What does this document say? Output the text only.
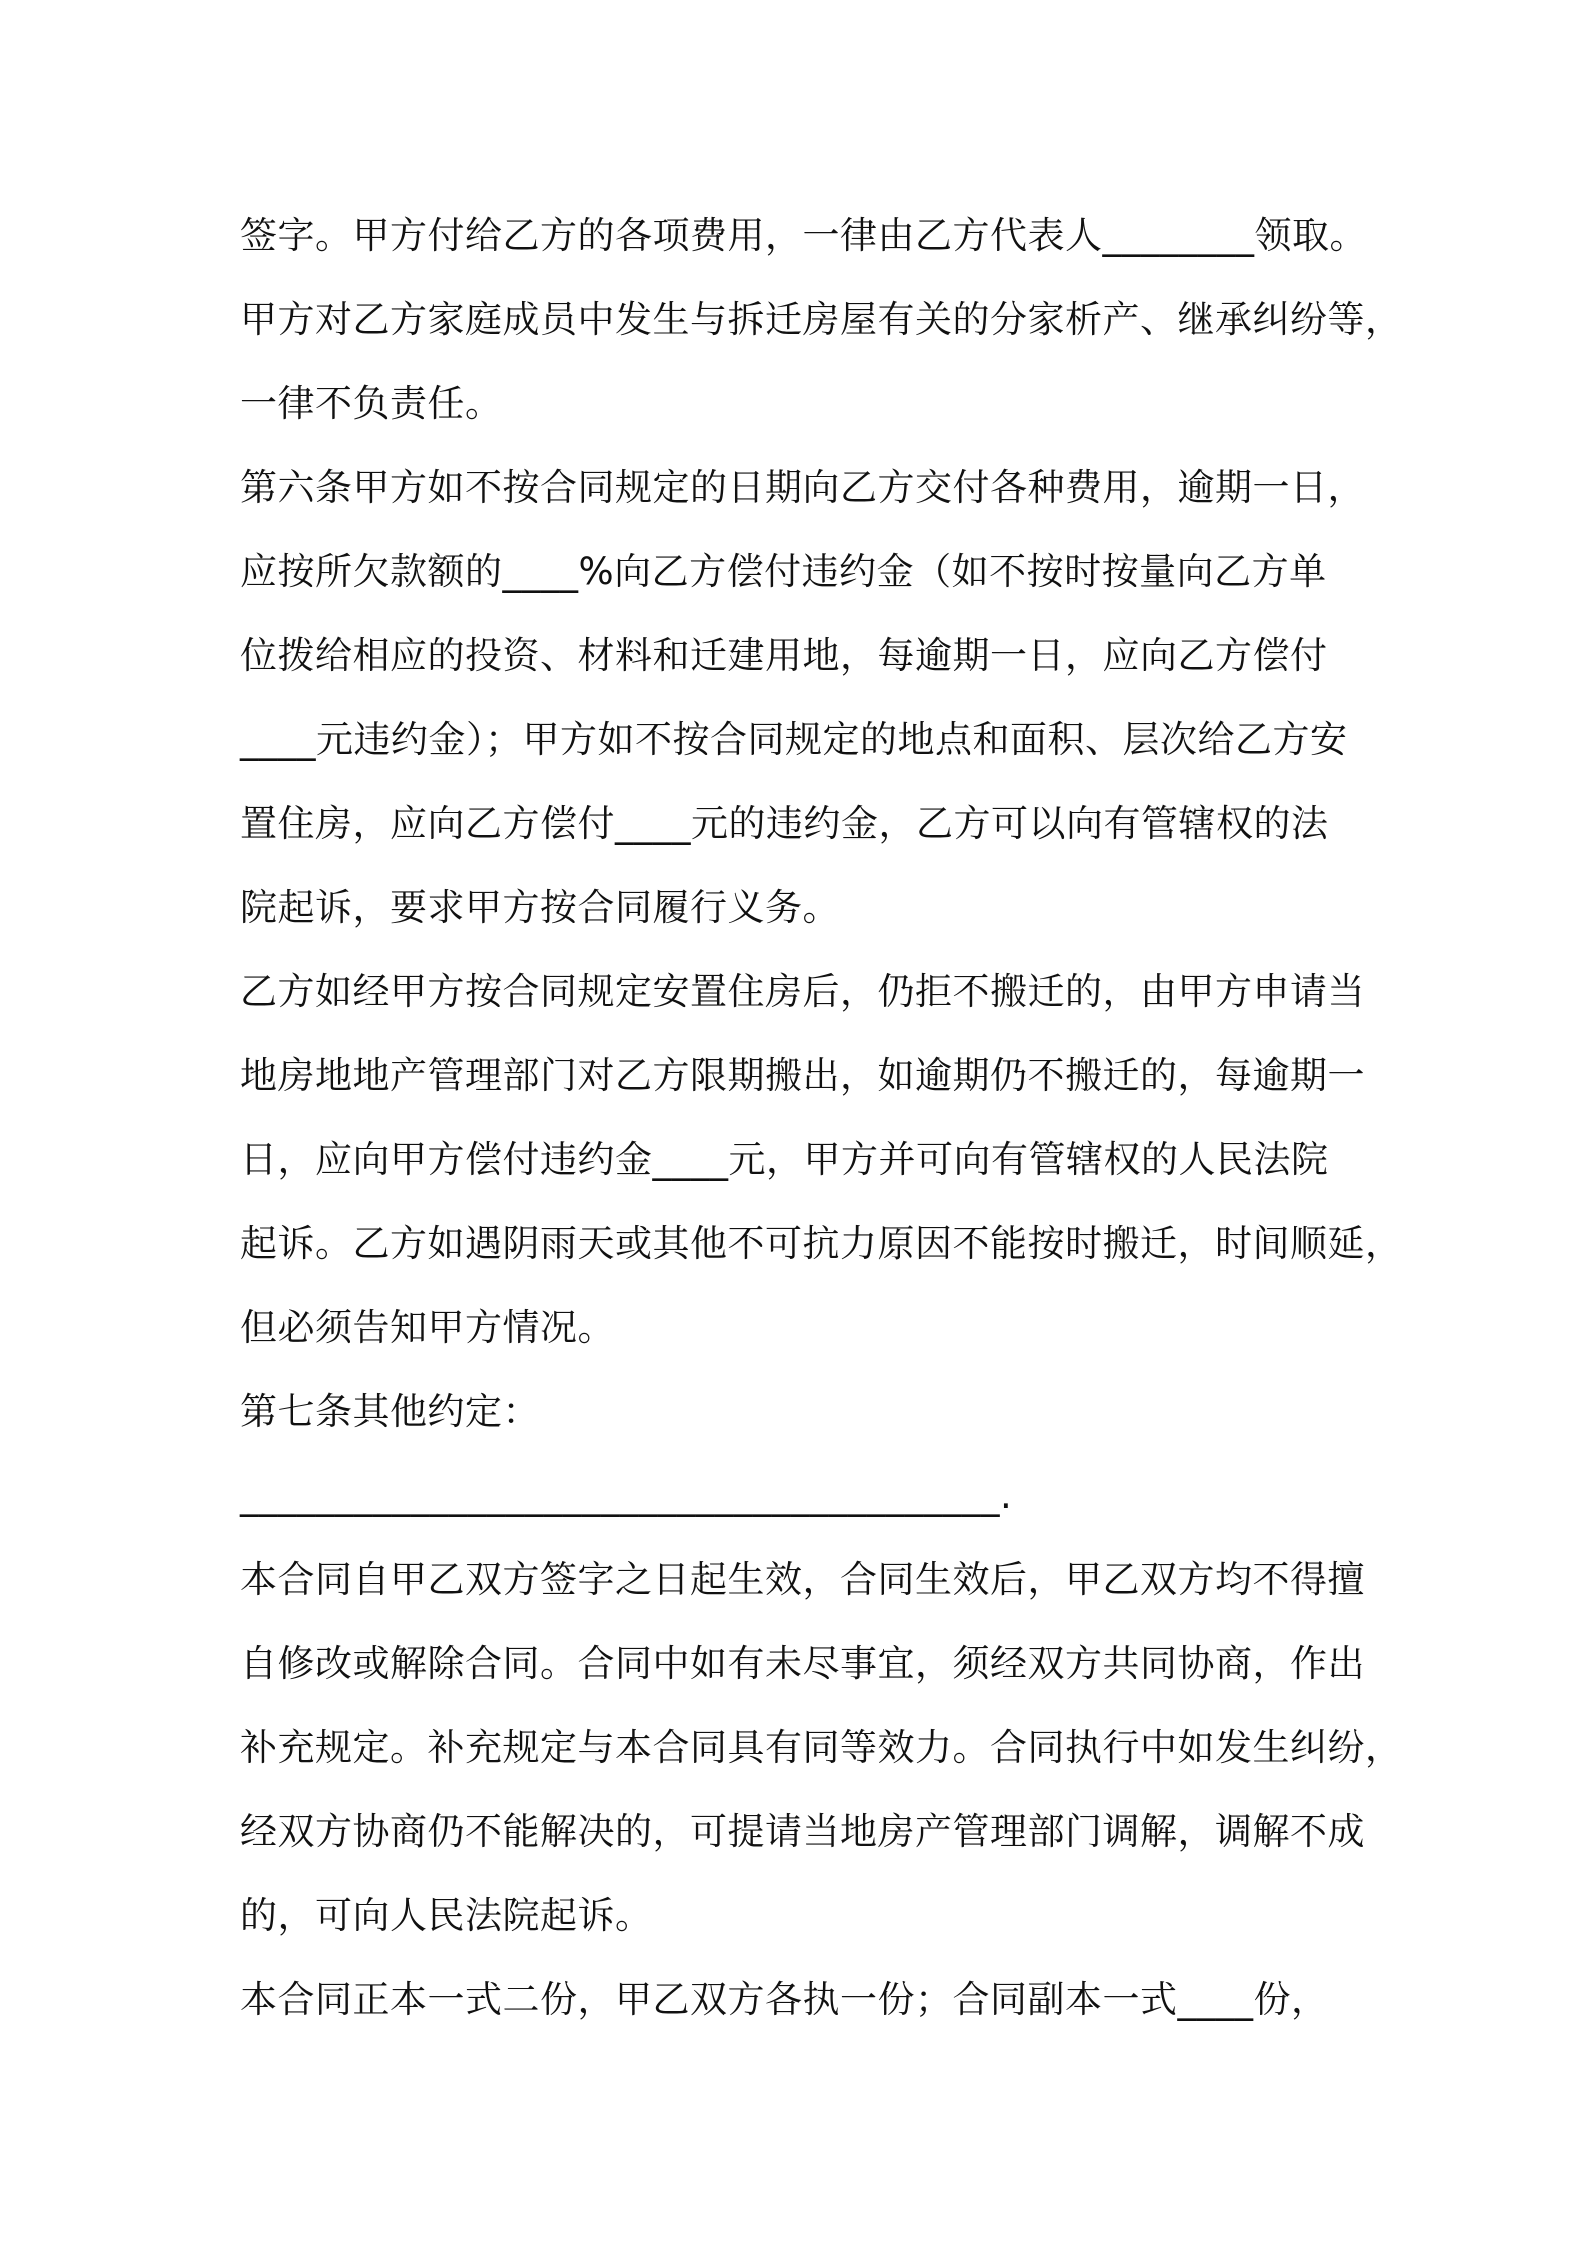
签字。甲方付给乙方的各项费用，一律由乙方代表人________领取。
甲方对乙方家庭成员中发生与拆迁房屋有关的分家析产、继承纠纷等，
一律不负责任。
第六条甲方如不按合同规定的日期向乙方交付各种费用，逾期一日，
应按所欠款额的____%向乙方偿付违约金（如不按时按量向乙方单
位拨给相应的投资、材料和迁建用地，每逾期一日，应向乙方偿付
____元违约金）；甲方如不按合同规定的地点和面积、层次给乙方安
置住房，应向乙方偿付____元的违约金，乙方可以向有管辖权的法
院起诉，要求甲方按合同履行义务。
乙方如经甲方按合同规定安置住房后，仍拒不搬迁的，由甲方申请当
地房地地产管理部门对乙方限期搬出，如逾期仍不搬迁的，每逾期一
日，应向甲方偿付违约金____元，甲方并可向有管辖权的人民法院
起诉。乙方如遇阴雨天或其他不可抗力原因不能按时搬迁，时间顺延，
但必须告知甲方情况。
第七条其他约定：
________________________________________.
本合同自甲乙双方签字之日起生效，合同生效后，甲乙双方均不得擅
自修改或解除合同。合同中如有未尽事宜，须经双方共同协商，作出
补充规定。补充规定与本合同具有同等效力。合同执行中如发生纠纷，
经双方协商仍不能解决的，可提请当地房产管理部门调解，调解不成
的，可向人民法院起诉。
本合同正本一式二份，甲乙双方各执一份；合同副本一式____份，
